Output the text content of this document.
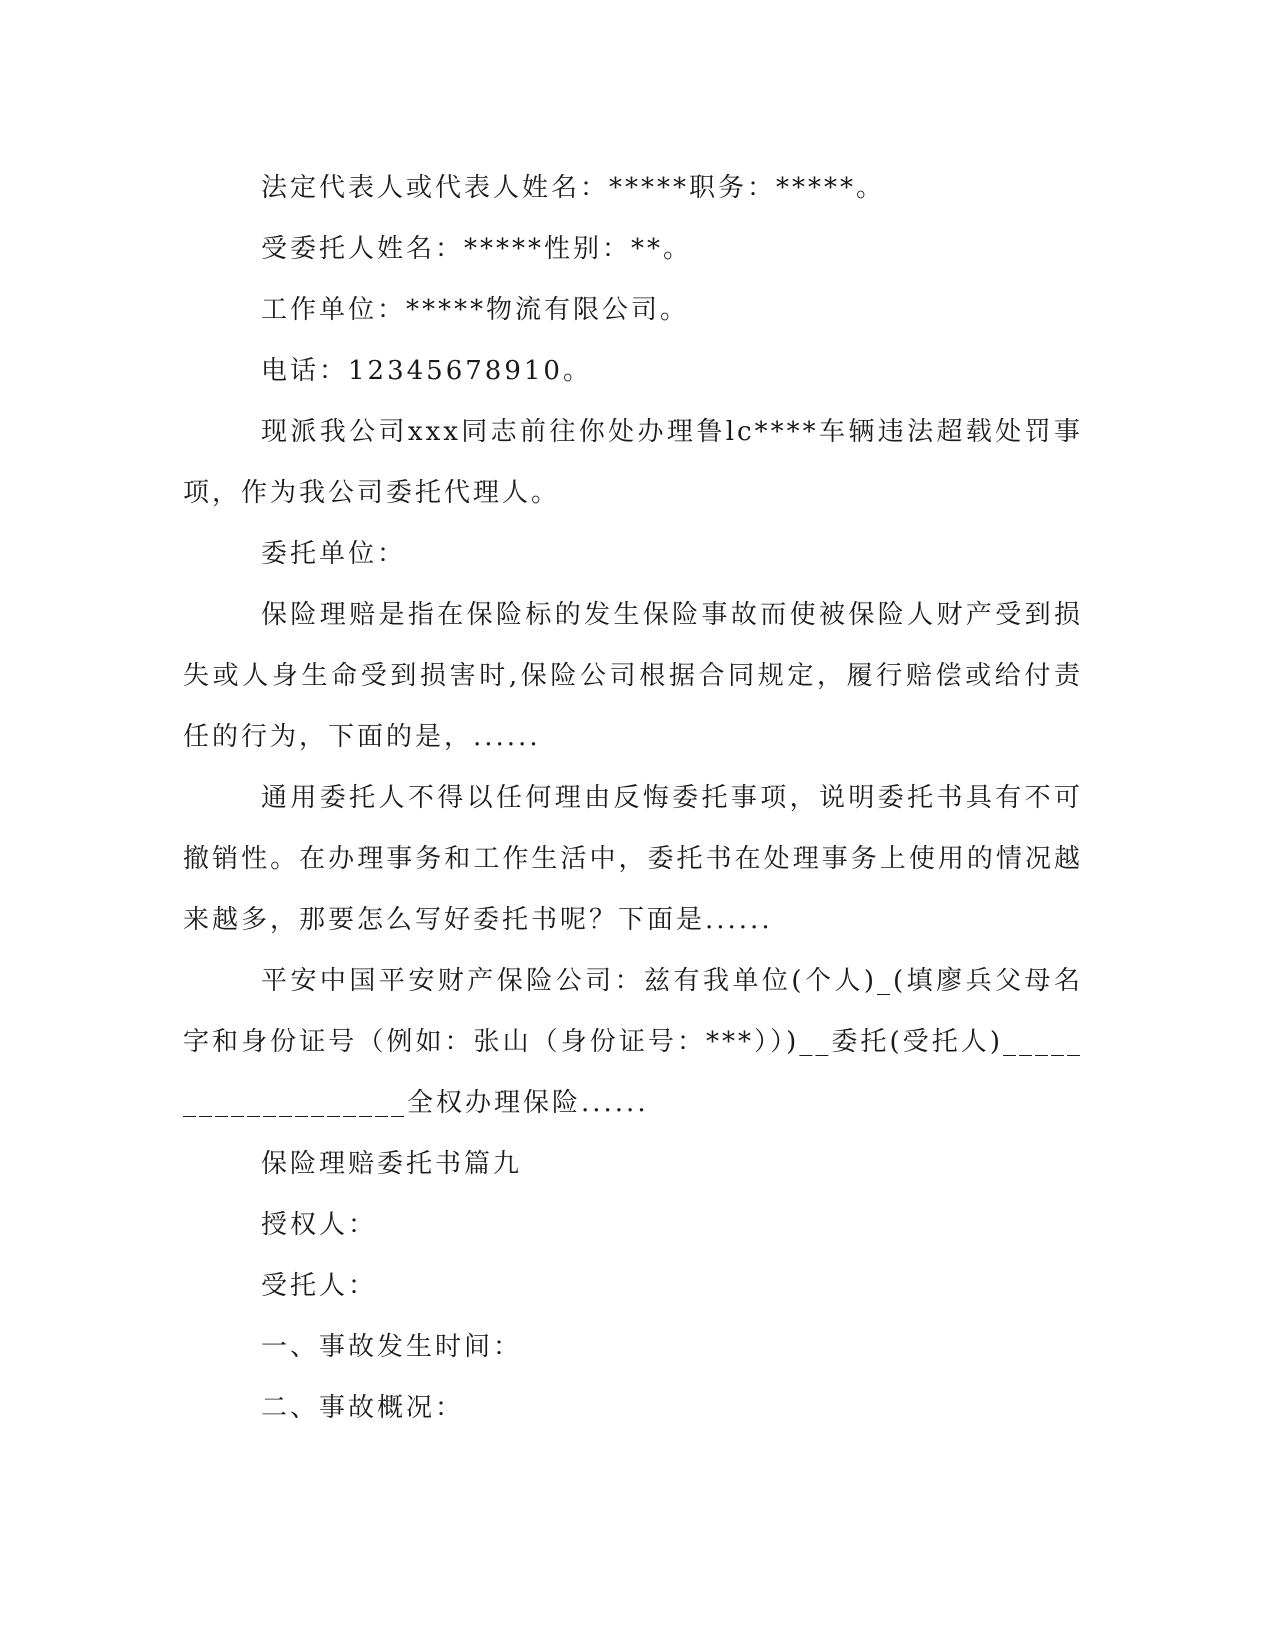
法定代表人或代表人姓名：*****职务：*****。

受委托人姓名：*****性别：**。

工作单位：*****物流有限公司。

电话：12345678910。

现派我公司xxx同志前往你处办理鲁lc****车辆违法超载处罚事项，作为我公司委托代理人。

委托单位：

保险理赔是指在保险标的发生保险事故而使被保险人财产受到损失或人身生命受到损害时,保险公司根据合同规定，履行赔偿或给付责任的行为，下面的是，......

通用委托人不得以任何理由反悔委托事项，说明委托书具有不可撤销性。在办理事务和工作生活中，委托书在处理事务上使用的情况越来越多，那要怎么写好委托书呢？下面是......

平安中国平安财产保险公司：兹有我单位(个人)_(填廖兵父母名字和身份证号（例如：张山（身份证号：***））)__委托(受托人)___________________全权办理保险......

保险理赔委托书篇九

授权人：

受托人：

一、事故发生时间：

二、事故概况：
